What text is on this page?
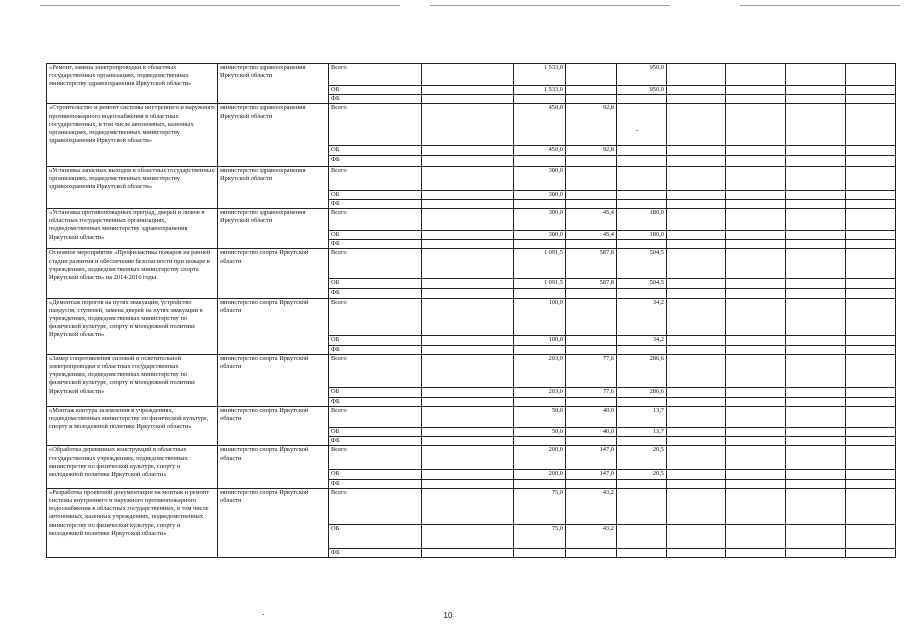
«Ремонт, замена электропроводки в областных государственных организациях, подведомственных министерству здравоохранения Иркутской области»	министерство здравоохранения Иркутской области	Всего		1 533,0		950,0				
		ОБ		1 533,0		950,0				
		ФБ								
«Строительство и ремонт системы внутреннего и наружного противопожарного водоснабжения в областных государственных, в том числе автономных, казенных организациях, подведомственных министерству здравоохранения Иркутской области»	министерство здравоохранения Иркутской области	Всего		450,0	92,8					
		ОБ		450,0	92,8					
		ФБ								
«Установка запасных выходов в областных государственных организациях, подведомственных министерству здравоохранения Иркутской области»	министерство здравоохранения Иркутской области	Всего		300,0						
		ОБ		300,0						
		ФБ								
«Установка противопожарных преград, дверей и люков в областных государственных организациях, подведомственных министерству здравоохранения Иркутской области»	министерство здравоохранения Иркутской области	Всего		300,0	45,4	180,0				
		ОБ		300,0	45,4	180,0				
		ФБ								
Основное мероприятие «Профилактика пожаров на ранней стадии развития и обеспечение безопасности при пожаре в учреждениях, подведомственных министерству спорта Иркутской области» на 2014-2016 годы	министерство спорта Иркутской области	Всего		1 091,5	587,8	504,5				
		ОБ		1 091,5	587,8	504,5				
		ФБ								
«Демонтаж порогов на путях эвакуации, устройство пандусов, ступеней, замена дверей на путях эвакуации в учреждениях, подведомственных министерству по физической культуре, спорту и молодежной политике Иркутской области»	министерство спорта Иркутской области	Всего		100,0		34,2				
		ОБ		100,0		34,2				
		ФБ								
«Замер сопротивления силовой и осветительной электропроводки в областных государственных учреждениях, подведомственных министерству по физической культуре, спорту и молодежной политике Иркутской области»	министерство спорта Иркутской области	Всего		203,0	77,6	286,6				
		ОБ		203,0	77,6	286,6				
		ФБ								
«Монтаж контура заземления в учреждениях, подведомственных министерству по физической культуре, спорту и молодежной политике Иркутской области»	министерство спорта Иркутской области	Всего		50,0	40,0	13,7				
		ОБ		50,0	40,0	13,7				
		ФБ								
«Обработка деревянных конструкций в областных государственных учреждениях, подведомственных министерству по физической культуре, спорту и молодежной политике Иркутской области»	министерство спорта Иркутской области	Всего		200,0	147,0	20,5				
		ОБ		200,0	147,0	20,5				
		ФБ								
«Разработка проектной документации на монтаж и ремонт системы внутреннего и наружного противопожарного водоснабжения в областных государственных, в том числе автономных, казенных учреждениях, подведомственных министерству по физической культуре, спорту и молодежной политике Иркутской области»	министерство спорта Иркутской области	Всего		75,0	43,2					
		ОБ		75,0	43,2					
		ФБ								
10
